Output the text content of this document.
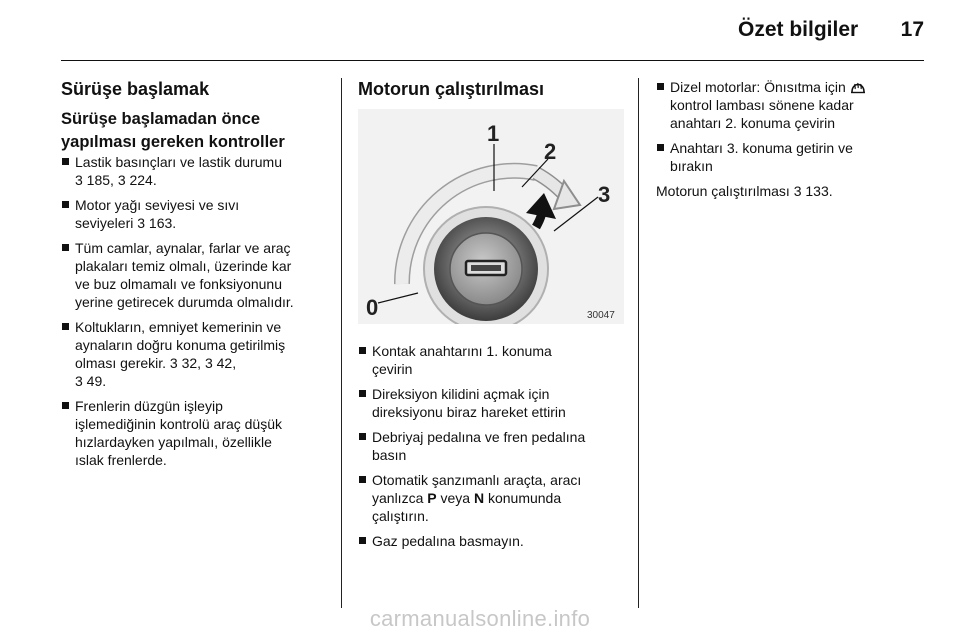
Özet bilgiler	17
Sürüşe başlamak
Sürüşe başlamadan önce
yapılması gereken kontroller
Lastik basınçları ve lastik durumu
3 185, 3 224.
Motor yağı seviyesi ve sıvı
seviyeleri 3 163.
Tüm camlar, aynalar, farlar ve araç
plakaları temiz olmalı, üzerinde kar
ve buz olmamalı ve fonksiyonunu
yerine getirecek durumda olmalıdır.
Koltukların, emniyet kemerinin ve
aynaların doğru konuma getirilmiş
olması gerekir. 3 32, 3 42,
3 49.
Frenlerin düzgün işleyip
işlemediğinin kontrolü araç düşük
hızlardayken yapılmalı, özellikle
ıslak frenlerde.
Motorun çalıştırılması
1
2
3
0	30047
Kontak anahtarını 1. konuma
çevirin
Direksiyon kilidini açmak için
direksiyonu biraz hareket ettirin
Debriyaj pedalına ve fren pedalına
basın
Otomatik şanzımanlı araçta, aracı
yanlızca P veya N konumunda
çalıştırın.
Gaz pedalına basmayın.
Dizel motorlar: Önısıtma için
kontrol lambası sönene kadar
anahtarı 2. konuma çevirin
Anahtarı 3. konuma getirin ve
bırakın

Motorun çalıştırılması 3 133.

carmanualsonline.info
